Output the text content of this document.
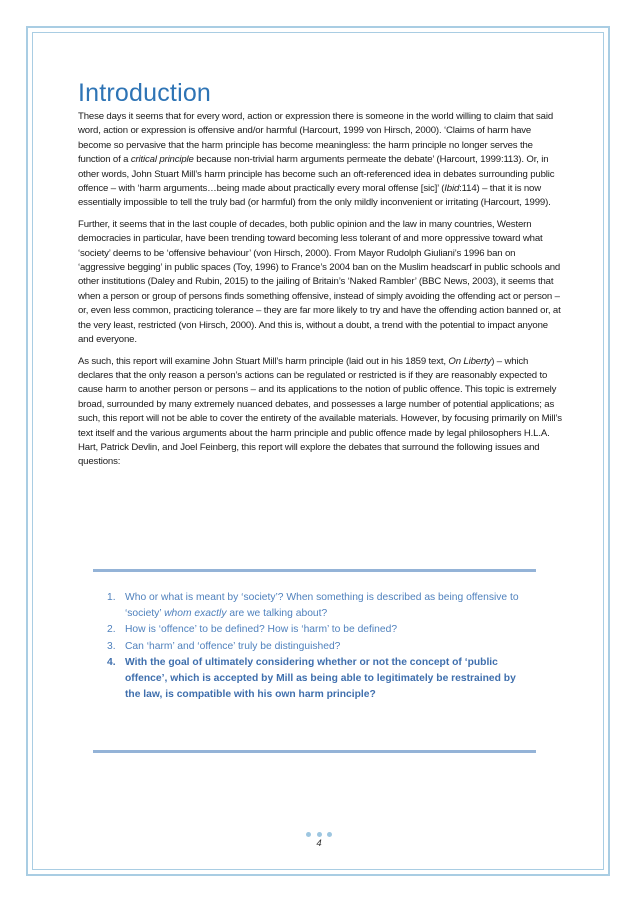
Introduction

These days it seems that for every word, action or expression there is someone in the world willing to claim that said word, action or expression is offensive and/or harmful (Harcourt, 1999 von Hirsch, 2000). ‘Claims of harm have become so pervasive that the harm principle has become meaningless: the harm principle no longer serves the function of a critical principle because non-trivial harm arguments permeate the debate’ (Harcourt, 1999:113). Or, in other words, John Stuart Mill’s harm principle has become such an oft-referenced idea in debates surrounding public offence – with ‘harm arguments…being made about practically every moral offense [sic]’ (Ibid:114) – that it is now essentially impossible to tell the truly bad (or harmful) from the only mildly inconvenient or irritating (Harcourt, 1999).

Further, it seems that in the last couple of decades, both public opinion and the law in many countries, Western democracies in particular, have been trending toward becoming less tolerant of and more oppressive toward what ‘society’ deems to be ‘offensive behaviour’ (von Hirsch, 2000). From Mayor Rudolph Giuliani’s 1996 ban on ‘aggressive begging’ in public spaces (Toy, 1996) to France’s 2004 ban on the Muslim headscarf in public schools and other institutions (Daley and Rubin, 2015) to the jailing of Britain’s ‘Naked Rambler’ (BBC News, 2003), it seems that when a person or group of persons finds something offensive, instead of simply avoiding the offending act or person – or, even less common, practicing tolerance – they are far more likely to try and have the offending action banned or, at the very least, restricted (von Hirsch, 2000). And this is, without a doubt, a trend with the potential to impact anyone and everyone.

As such, this report will examine John Stuart Mill’s harm principle (laid out in his 1859 text, On Liberty) – which declares that the only reason a person’s actions can be regulated or restricted is if they are reasonably expected to cause harm to another person or persons – and its applications to the notion of public offence. This topic is extremely broad, surrounded by many extremely nuanced debates, and possesses a large number of potential applications; as such, this report will not be able to cover the entirety of the available materials. However, by focusing primarily on Mill’s text itself and the various arguments about the harm principle and public offence made by legal philosophers H.L.A. Hart, Patrick Devlin, and Joel Feinberg, this report will explore the debates that surround the following issues and questions:

1. Who or what is meant by ‘society’? When something is described as being offensive to ‘society’ whom exactly are we talking about?
2. How is ‘offence’ to be defined? How is ‘harm’ to be defined?
3. Can ‘harm’ and ‘offence’ truly be distinguished?
4. With the goal of ultimately considering whether or not the concept of ‘public offence’, which is accepted by Mill as being able to legitimately be restrained by the law, is compatible with his own harm principle?
4
